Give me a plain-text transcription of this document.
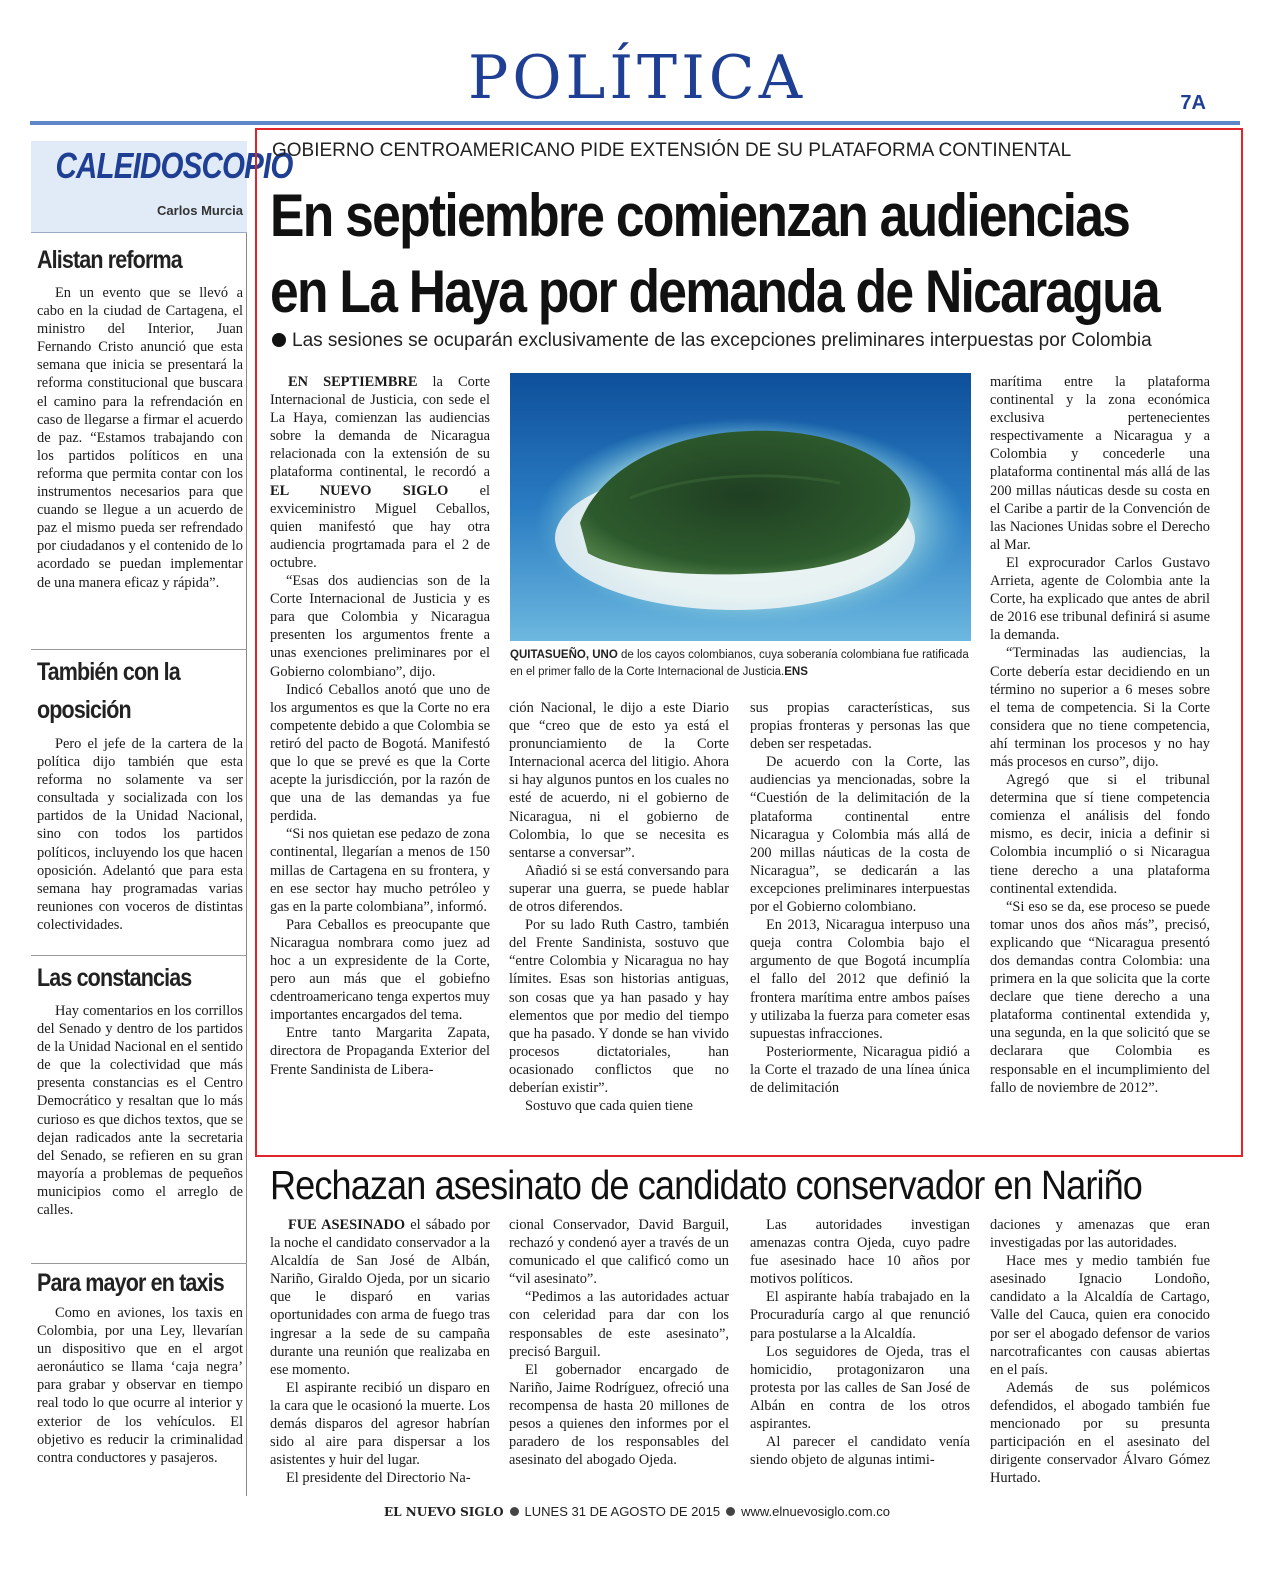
POLÍTICA	7A
CALEIDOSCOPIO
Carlos Murcia
Alistan reforma
En un evento que se llevó a cabo en la ciudad de Cartagena, el ministro del Interior, Juan Fernando Cristo anunció que esta semana que inicia se presentará la reforma constitucional que buscara el camino para la refrendación en caso de llegarse a firmar el acuerdo de paz. “Estamos trabajando con los partidos políticos en una reforma que permita contar con los instrumentos necesarios para que cuando se llegue a un acuerdo de paz el mismo pueda ser refrendado por ciudadanos y el contenido de lo acordado se puedan implementar de una manera eficaz y rápida”.
También con la oposición
Pero el jefe de la cartera de la política dijo también que esta reforma no solamente va ser consultada y socializada con los partidos de la Unidad Nacional, sino con todos los partidos políticos, incluyendo los que hacen oposición. Adelantó que para esta semana hay programadas varias reuniones con voceros de distintas colectividades.
Las constancias
Hay comentarios en los corrillos del Senado y dentro de los partidos de la Unidad Nacional en el sentido de que la colectividad que más presenta constancias es el Centro Democrático y resaltan que lo más curioso es que dichos textos, que se dejan radicados ante la secretaria del Senado, se refieren en su gran mayoría a problemas de pequeños municipios como el arreglo de calles.
Para mayor en taxis
Como en aviones, los taxis en Colombia, por una Ley, llevarían un dispositivo que en el argot aeronáutico se llama ‘caja negra’ para grabar y observar en tiempo real todo lo que ocurre al interior y exterior de los vehículos. El objetivo es reducir la criminalidad contra conductores y pasajeros.
GOBIERNO CENTROAMERICANO PIDE EXTENSIÓN DE SU PLATAFORMA CONTINENTAL
En septiembre comienzan audiencias
en La Haya por demanda de Nicaragua
Las sesiones se ocuparán exclusivamente de las excepciones preliminares interpuestas por Colombia

EN SEPTIEMBRE la Corte Internacional de Justicia, con sede el La Haya, comienzan las audiencias sobre la demanda de Nicaragua relacionada con la extensión de su plataforma continental, le recordó a EL NUEVO SIGLO el exviceministro Miguel Ceballos, quien manifestó que hay otra audiencia progrtamada para el 2 de octubre.

“Esas dos audiencias son de la Corte Internacional de Justicia y es para que Colombia y Nicaragua presenten los argumentos frente a unas exenciones preliminares por el Gobierno colombiano”, dijo.

Indicó Ceballos anotó que uno de los argumentos es que la Corte no era competente debido a que Colombia se retiró del pacto de Bogotá. Manifestó que lo que se prevé es que la Corte acepte la jurisdicción, por la razón de que una de las demandas ya fue perdida.

“Si nos quietan ese pedazo de zona continental, llegarían a menos de 150 millas de Cartagena en su frontera, y en ese sector hay mucho petróleo y gas en la parte colombiana”, informó.

Para Ceballos es preocupante que Nicaragua nombrara como juez ad hoc a un expresidente de la Corte, pero aun más que el gobiefno cdentroamericano tenga expertos muy importantes encargados del tema.

Entre tanto Margarita Zapata, directora de Propaganda Exterior del Frente Sandinista de Libera-

QUITASUEÑO, UNO de los cayos colombianos, cuya soberanía colombiana fue ratificada en el primer fallo de la Corte Internacional de Justicia.ENS

ción Nacional, le dijo a este Diario que “creo que de esto ya está el pronunciamiento de la Corte Internacional acerca del litigio. Ahora si hay algunos puntos en los cuales no esté de acuerdo, ni el gobierno de Nicaragua, ni el gobierno de Colombia, lo que se necesita es sentarse a conversar”.

Añadió si se está conversando para superar una guerra, se puede hablar de otros diferendos.

Por su lado Ruth Castro, también del Frente Sandinista, sostuvo que “entre Colombia y Nicaragua no hay límites. Esas son historias antiguas, son cosas que ya han pasado y hay elementos que por medio del tiempo que ha pasado. Y donde se han vivido procesos dictatoriales, han ocasionado conflictos que no deberían existir”.

Sostuvo que cada quien tiene

sus propias características, sus propias fronteras y personas las que deben ser respetadas.

De acuerdo con la Corte, las audiencias ya mencionadas, sobre la “Cuestión de la delimitación de la plataforma continental entre Nicaragua y Colombia más allá de 200 millas náuticas de la costa de Nicaragua”, se dedicarán a las excepciones preliminares interpuestas por el Gobierno colombiano.

En 2013, Nicaragua interpuso una queja contra Colombia bajo el argumento de que Bogotá incumplía el fallo del 2012 que definió la frontera marítima entre ambos países y utilizaba la fuerza para cometer esas supuestas infracciones.

Posteriormente, Nicaragua pidió a la Corte el trazado de una línea única de delimitación

marítima entre la plataforma continental y la zona económica exclusiva pertenecientes respectivamente a Nicaragua y a Colombia y concederle una plataforma continental más allá de las 200 millas náuticas desde su costa en el Caribe a partir de la Convención de las Naciones Unidas sobre el Derecho al Mar.

El exprocurador Carlos Gustavo Arrieta, agente de Colombia ante la Corte, ha explicado que antes de abril de 2016 ese tribunal definirá si asume la demanda.

“Terminadas las audiencias, la Corte debería estar decidiendo en un término no superior a 6 meses sobre el tema de competencia. Si la Corte considera que no tiene competencia, ahí terminan los procesos y no hay más procesos en curso”, dijo.

Agregó que si el tribunal determina que sí tiene competencia comienza el análisis del fondo mismo, es decir, inicia a definir si Colombia incumplió o si Nicaragua tiene derecho a una plataforma continental extendida.

“Si eso se da, ese proceso se puede tomar unos dos años más”, precisó, explicando que “Nicaragua presentó dos demandas contra Colombia: una primera en la que solicita que la corte declare que tiene derecho a una plataforma continental extendida y, una segunda, en la que solicitó que se declarara que Colombia es responsable en el incumplimiento del fallo de noviembre de 2012”.

Rechazan asesinato de candidato conservador en Nariño

FUE ASESINADO el sábado por la noche el candidato conservador a la Alcaldía de San José de Albán, Nariño, Giraldo Ojeda, por un sicario que le disparó en varias oportunidades con arma de fuego tras ingresar a la sede de su campaña durante una reunión que realizaba en ese momento.

El aspirante recibió un disparo en la cara que le ocasionó la muerte. Los demás disparos del agresor habrían sido al aire para dispersar a los asistentes y huir del lugar.

El presidente del Directorio Na-

cional Conservador, David Barguil, rechazó y condenó ayer a través de un comunicado el que calificó como un “vil asesinato”.

“Pedimos a las autoridades actuar con celeridad para dar con los responsables de este asesinato”, precisó Barguil.

El gobernador encargado de Nariño, Jaime Rodríguez, ofreció una recompensa de hasta 20 millones de pesos a quienes den informes por el paradero de los responsables del asesinato del abogado Ojeda.

Las autoridades investigan amenazas contra Ojeda, cuyo padre fue asesinado hace 10 años por motivos políticos.

El aspirante había trabajado en la Procuraduría cargo al que renunció para postularse a la Alcaldía.

Los seguidores de Ojeda, tras el homicidio, protagonizaron una protesta por las calles de San José de Albán en contra de los otros aspirantes.

Al parecer el candidato venía siendo objeto de algunas intimi-

daciones y amenazas que eran investigadas por las autoridades.

Hace mes y medio también fue asesinado Ignacio Londoño, candidato a la Alcaldía de Cartago, Valle del Cauca, quien era conocido por ser el abogado defensor de varios narcotraficantes con causas abiertas en el país.

Además de sus polémicos defendidos, el abogado también fue mencionado por su presunta participación en el asesinato del dirigente conservador Álvaro Gómez Hurtado.

EL NUEVO SIGLO LUNES 31 DE AGOSTO DE 2015 www.elnuevosiglo.com.co
